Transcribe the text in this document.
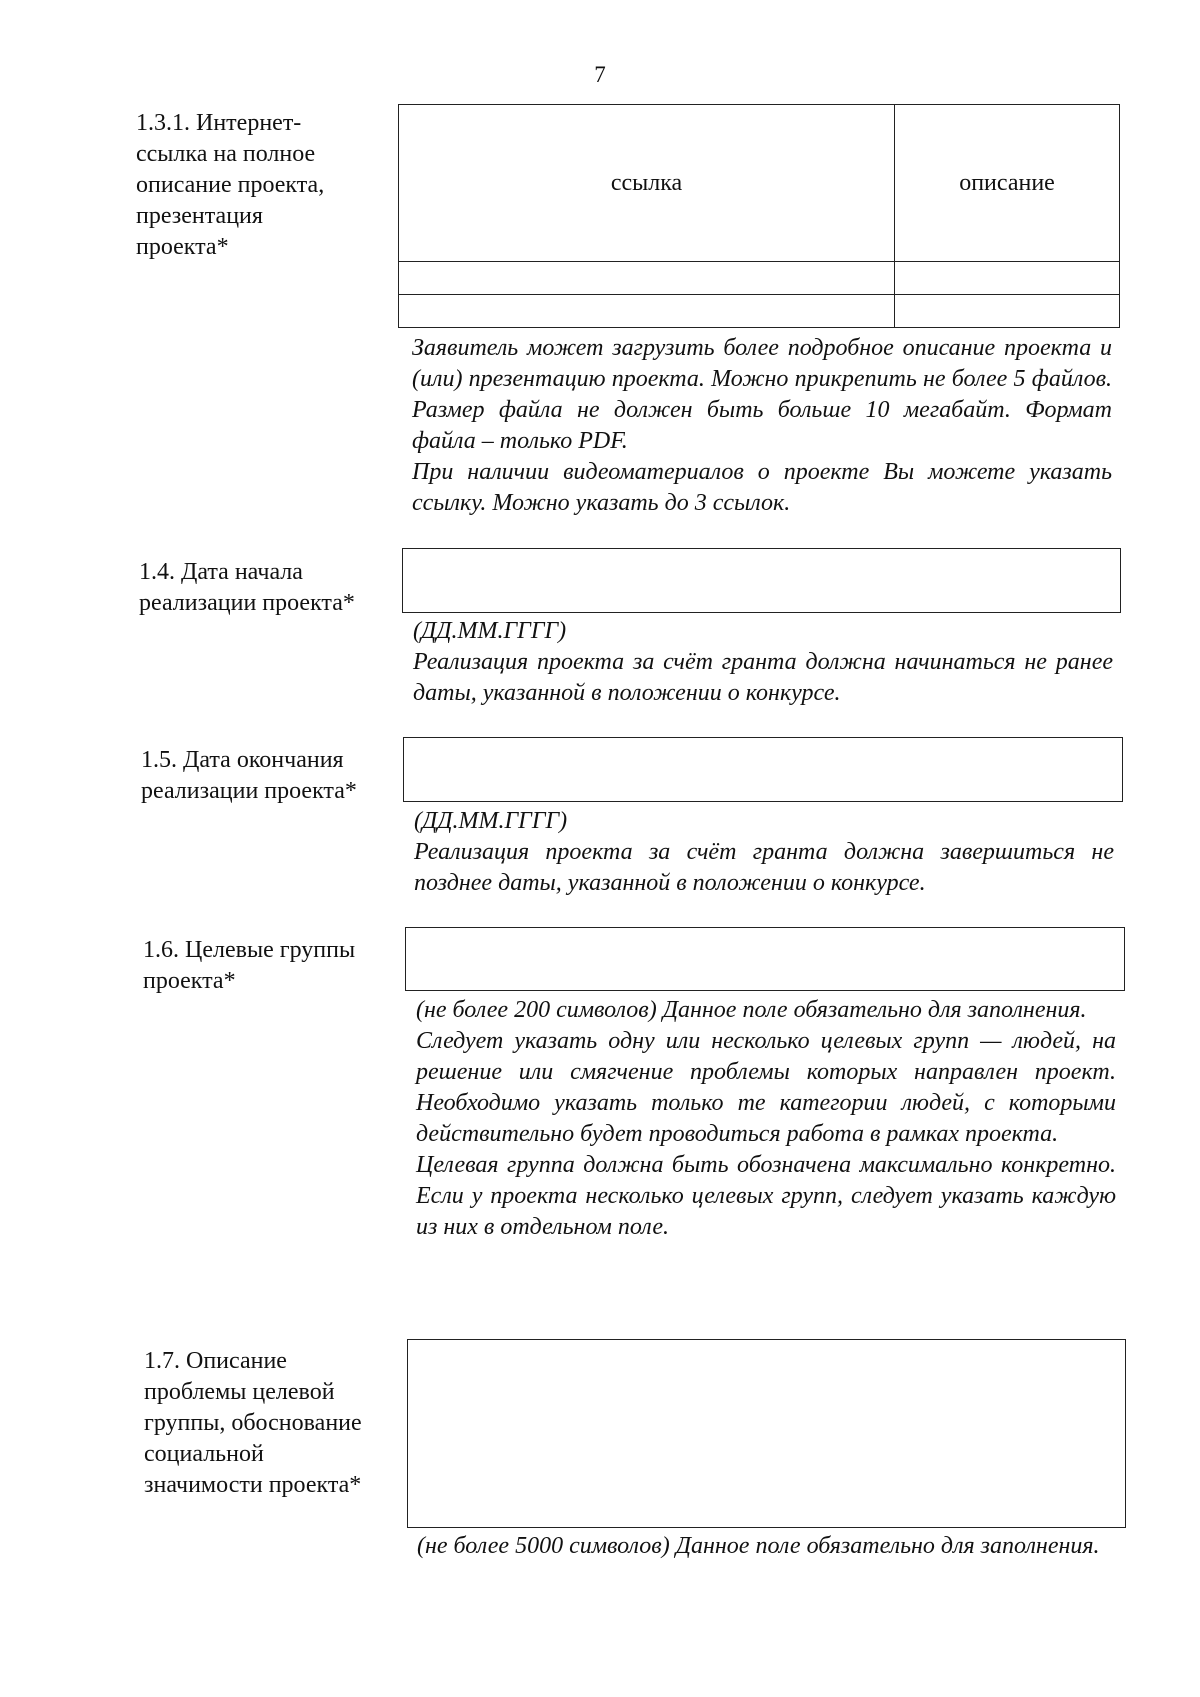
7
1.3.1. Интернет-
ссылка на полное
описание проекта,
презентация
проекта*
ссылка	описание

Заявитель может загрузить более подробное описание проекта и (или) презентацию проекта. Можно прикрепить не более 5 файлов. Размер файла не должен быть больше 10 мегабайт. Формат файла – только PDF.

При наличии видеоматериалов о проекте Вы можете указать ссылку. Можно указать до 3 ссылок.

1.4. Дата начала
реализации проекта*

(ДД.ММ.ГГГГ)

Реализация проекта за счёт гранта должна начинаться не ранее даты, указанной в положении о конкурсе.

1.5. Дата окончания
реализации проекта*

(ДД.ММ.ГГГГ)

Реализация проекта за счёт гранта должна завершиться не позднее даты, указанной в положении о конкурсе.

1.6. Целевые группы
проекта*

(не более 200 символов) Данное поле обязательно для заполнения.

Следует указать одну или несколько целевых групп — людей, на решение или смягчение проблемы которых направлен проект. Необходимо указать только те категории людей, с которыми действительно будет проводиться работа в рамках проекта.

Целевая группа должна быть обозначена максимально конкретно. Если у проекта несколько целевых групп, следует указать каждую из них в отдельном поле.

1.7. Описание
проблемы целевой
группы, обоснование
социальной
значимости проекта*

(не более 5000 символов) Данное поле обязательно для заполнения.
